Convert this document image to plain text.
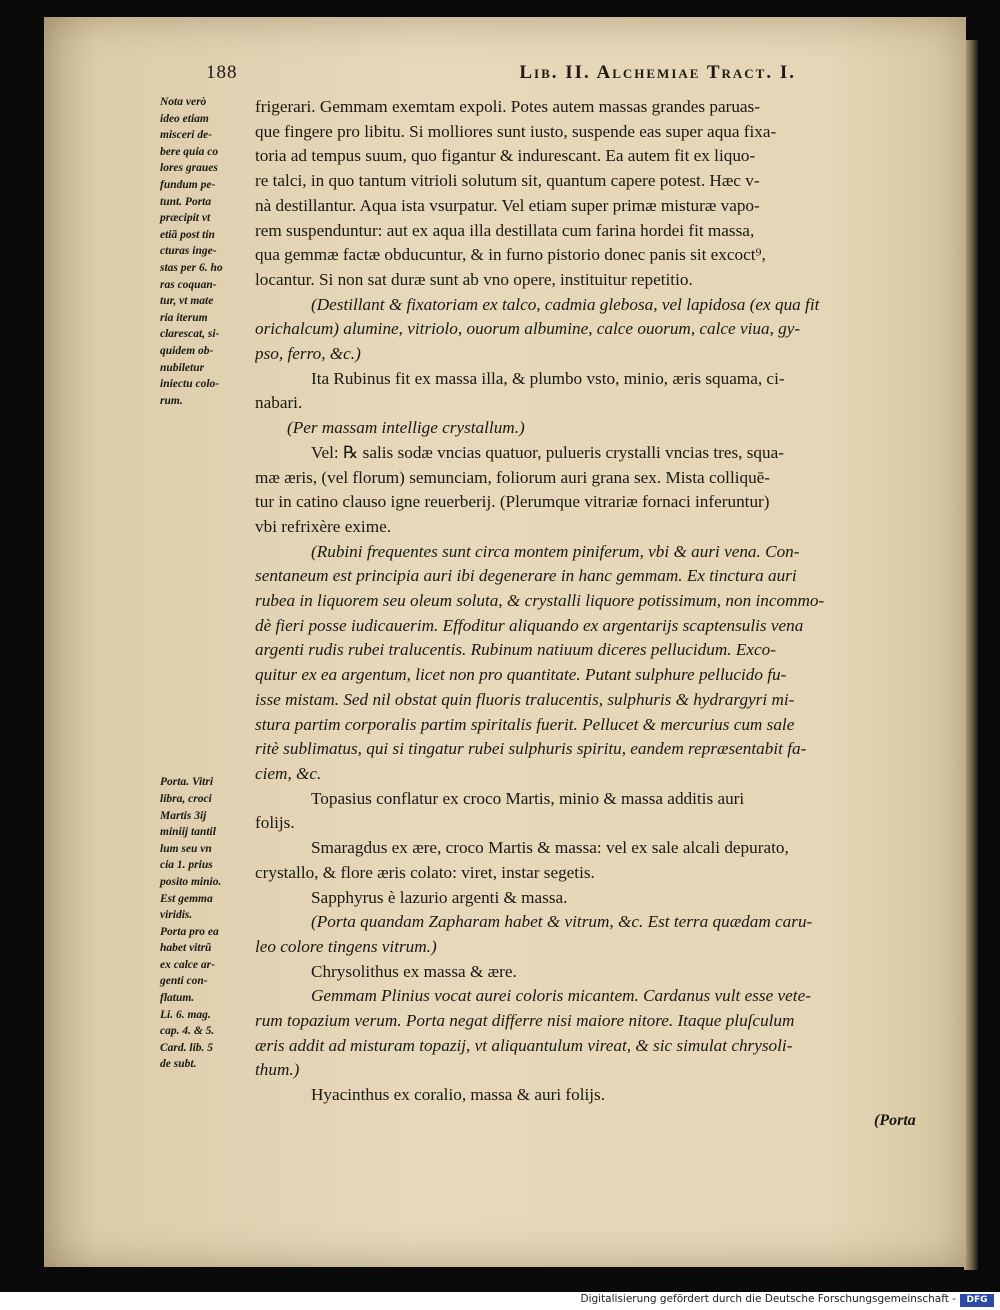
188	Lib. II. Alchemiae Tract. I.
Nota verò
ideo etiam
misceri de-
bere quia co
lores graues
fundum pe-
tunt. Porta
præcipit vt
etiã post tin
cturas inge-
stas per 6. ho
ras coquan-
tur, vt mate
ria iterum
clarescat, si-
quidem ob-
nubiletur
iniectu colo-
rum.

Porta. Vitri
libra, croci
Martis 3ij
miniij tantil
lum seu vn
cia 1. prius
posito minio.
Est gemma
viridis.
Porta pro ea
habet vitrũ
ex calce ar-
genti con-
flatum.
Li. 6. mag.
cap. 4. & 5.
Card. lib. 5
de subt.
frigerari. Gemmam exemtam expoli. Potes autem massas grandes paruas-
que fingere pro libitu. Si molliores sunt iusto, suspende eas super aqua fixa-
toria ad tempus suum, quo figantur & indurescant. Ea autem fit ex liquo-
re talci, in quo tantum vitrioli solutum sit, quantum capere potest. Hæc v-
nà destillantur. Aqua ista vsurpatur. Vel etiam super primæ misturæ vapo-
rem suspenduntur: aut ex aqua illa destillata cum farina hordei fit massa,
qua gemmæ factæ obducuntur, & in furno pistorio donec panis sit excoct⁹,
locantur. Si non sat duræ sunt ab vno opere, instituitur repetitio.
(Destillant & fixatoriam ex talco, cadmia glebosa, vel lapidosa (ex qua fit
orichalcum) alumine, vitriolo, ouorum albumine, calce ouorum, calce viua, gy-
pso, ferro, &c.)
Ita Rubinus fit ex massa illa, & plumbo vsto, minio, æris squama, ci-
nabari.
(Per massam intellige crystallum.)
Vel: ℞ salis sodæ vncias quatuor, pulueris crystalli vncias tres, squa-
mæ æris, (vel florum) semunciam, foliorum auri grana sex. Mista colliquē-
tur in catino clauso igne reuerberij. (Plerumque vitrariæ fornaci inferuntur)
vbi refrixère exime.
(Rubini frequentes sunt circa montem piniferum, vbi & auri vena. Con-
sentaneum est principia auri ibi degenerare in hanc gemmam. Ex tinctura auri
rubea in liquorem seu oleum soluta, & crystalli liquore potissimum, non incommo-
dè fieri posse iudicauerim. Effoditur aliquando ex argentarijs scaptensulis vena
argenti rudis rubei tralucentis. Rubinum natiuum diceres pellucidum. Exco-
quitur ex ea argentum, licet non pro quantitate. Putant sulphure pellucido fu-
isse mistam. Sed nil obstat quin fluoris tralucentis, sulphuris & hydrargyri mi-
stura partim corporalis partim spiritalis fuerit. Pellucet & mercurius cum sale
ritè sublimatus, qui si tingatur rubei sulphuris spiritu, eandem repræsentabit fa-
ciem, &c.
Topasius conflatur ex croco Martis, minio & massa additis auri
folijs.
Smaragdus ex ære, croco Martis & massa: vel ex sale alcali depurato,
crystallo, & flore æris colato: viret, instar segetis.
Sapphyrus è lazurio argenti & massa.
(Porta quandam Zapharam habet & vitrum, &c. Est terra quædam caru-
leo colore tingens vitrum.)
Chrysolithus ex massa & ære.
Gemmam Plinius vocat aurei coloris micantem. Cardanus vult esse vete-
rum topazium verum. Porta negat differre nisi maiore nitore. Itaque pluſculum
æris addit ad misturam topazij, vt aliquantulum vireat, & sic simulat chrysoli-
thum.)
Hyacinthus ex coralio, massa & auri folijs.
(Porta
Digitalisierung gefördert durch die Deutsche Forschungsgemeinschaft -	DFG
